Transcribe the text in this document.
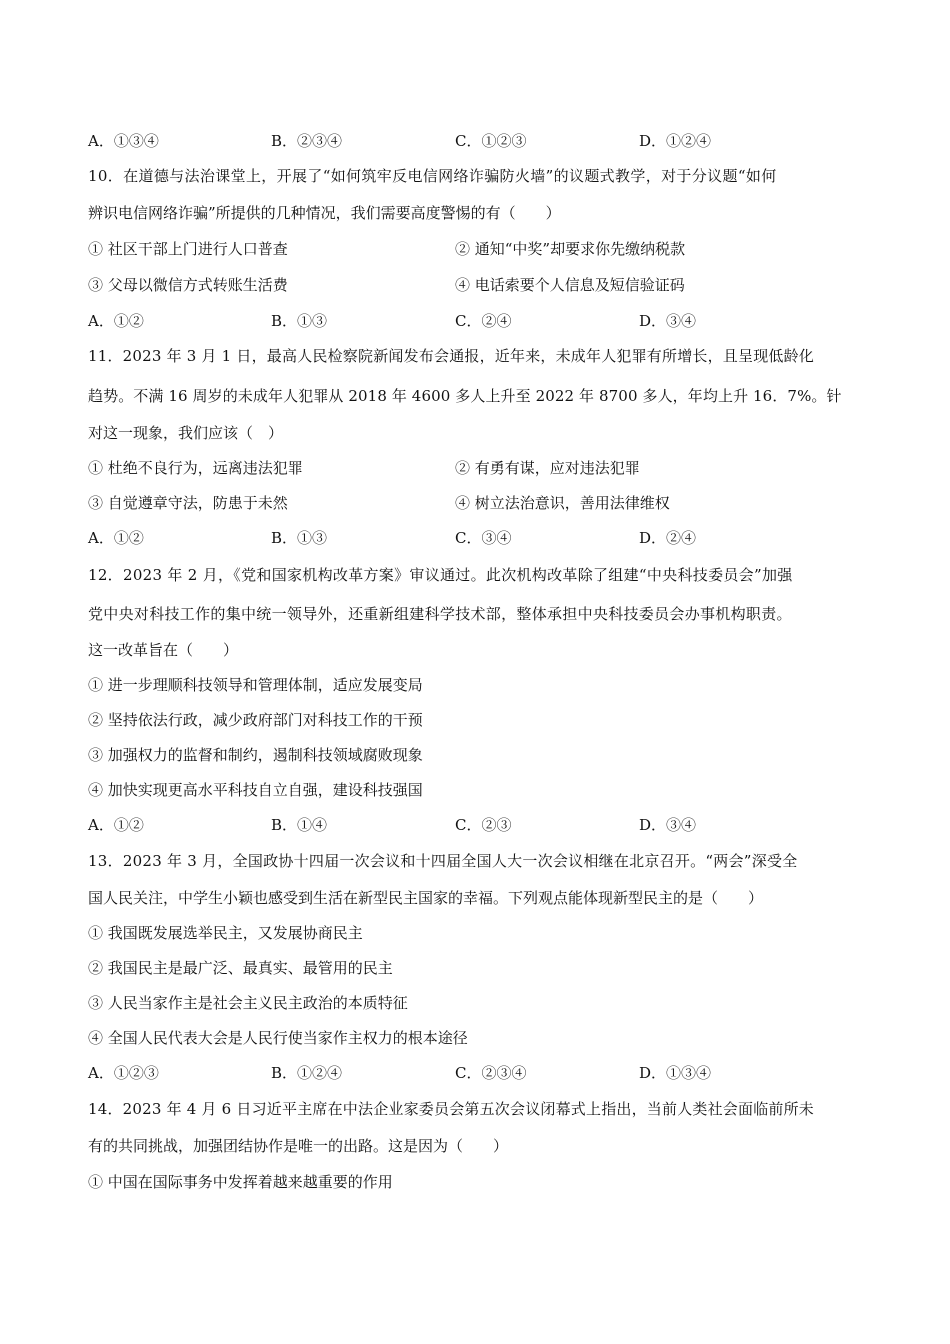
A．①③④	B．②③④	C．①②③	D．①②④
10．在道德与法治课堂上，开展了“如何筑牢反电信网络诈骗防火墙”的议题式教学，对于分议题“如何
辨识电信网络诈骗”所提供的几种情况，我们需要高度警惕的有（　　）
① 社区干部上门进行人口普查	② 通知“中奖”却要求你先缴纳税款
③ 父母以微信方式转账生活费	④ 电话索要个人信息及短信验证码
A．①②	B．①③	C．②④	D．③④
11．2023 年 3 月 1 日，最高人民检察院新闻发布会通报，近年来，未成年人犯罪有所增长，且呈现低龄化
趋势。不满 16 周岁的未成年人犯罪从 2018 年 4600 多人上升至 2022 年 8700 多人，年均上升 16．7%。针
对这一现象，我们应该（　）
① 杜绝不良行为，远离违法犯罪	② 有勇有谋，应对违法犯罪
③ 自觉遵章守法，防患于未然	④ 树立法治意识，善用法律维权
A．①②	B．①③	C．③④	D．②④
12．2023 年 2 月，《党和国家机构改革方案》审议通过。此次机构改革除了组建“中央科技委员会”加强
党中央对科技工作的集中统一领导外，还重新组建科学技术部，整体承担中央科技委员会办事机构职责。
这一改革旨在（　　）
① 进一步理顺科技领导和管理体制，适应发展变局
② 坚持依法行政，减少政府部门对科技工作的干预
③ 加强权力的监督和制约，遏制科技领域腐败现象
④ 加快实现更高水平科技自立自强，建设科技强国
A．①②	B．①④	C．②③	D．③④
13．2023 年 3 月，全国政协十四届一次会议和十四届全国人大一次会议相继在北京召开。“两会”深受全
国人民关注，中学生小颖也感受到生活在新型民主国家的幸福。下列观点能体现新型民主的是（　　）
① 我国既发展选举民主，又发展协商民主
② 我国民主是最广泛、最真实、最管用的民主
③ 人民当家作主是社会主义民主政治的本质特征
④ 全国人民代表大会是人民行使当家作主权力的根本途径
A．①②③	B．①②④	C．②③④	D．①③④
14．2023 年 4 月 6 日习近平主席在中法企业家委员会第五次会议闭幕式上指出，当前人类社会面临前所未
有的共同挑战，加强团结协作是唯一的出路。这是因为（　　）
① 中国在国际事务中发挥着越来越重要的作用
